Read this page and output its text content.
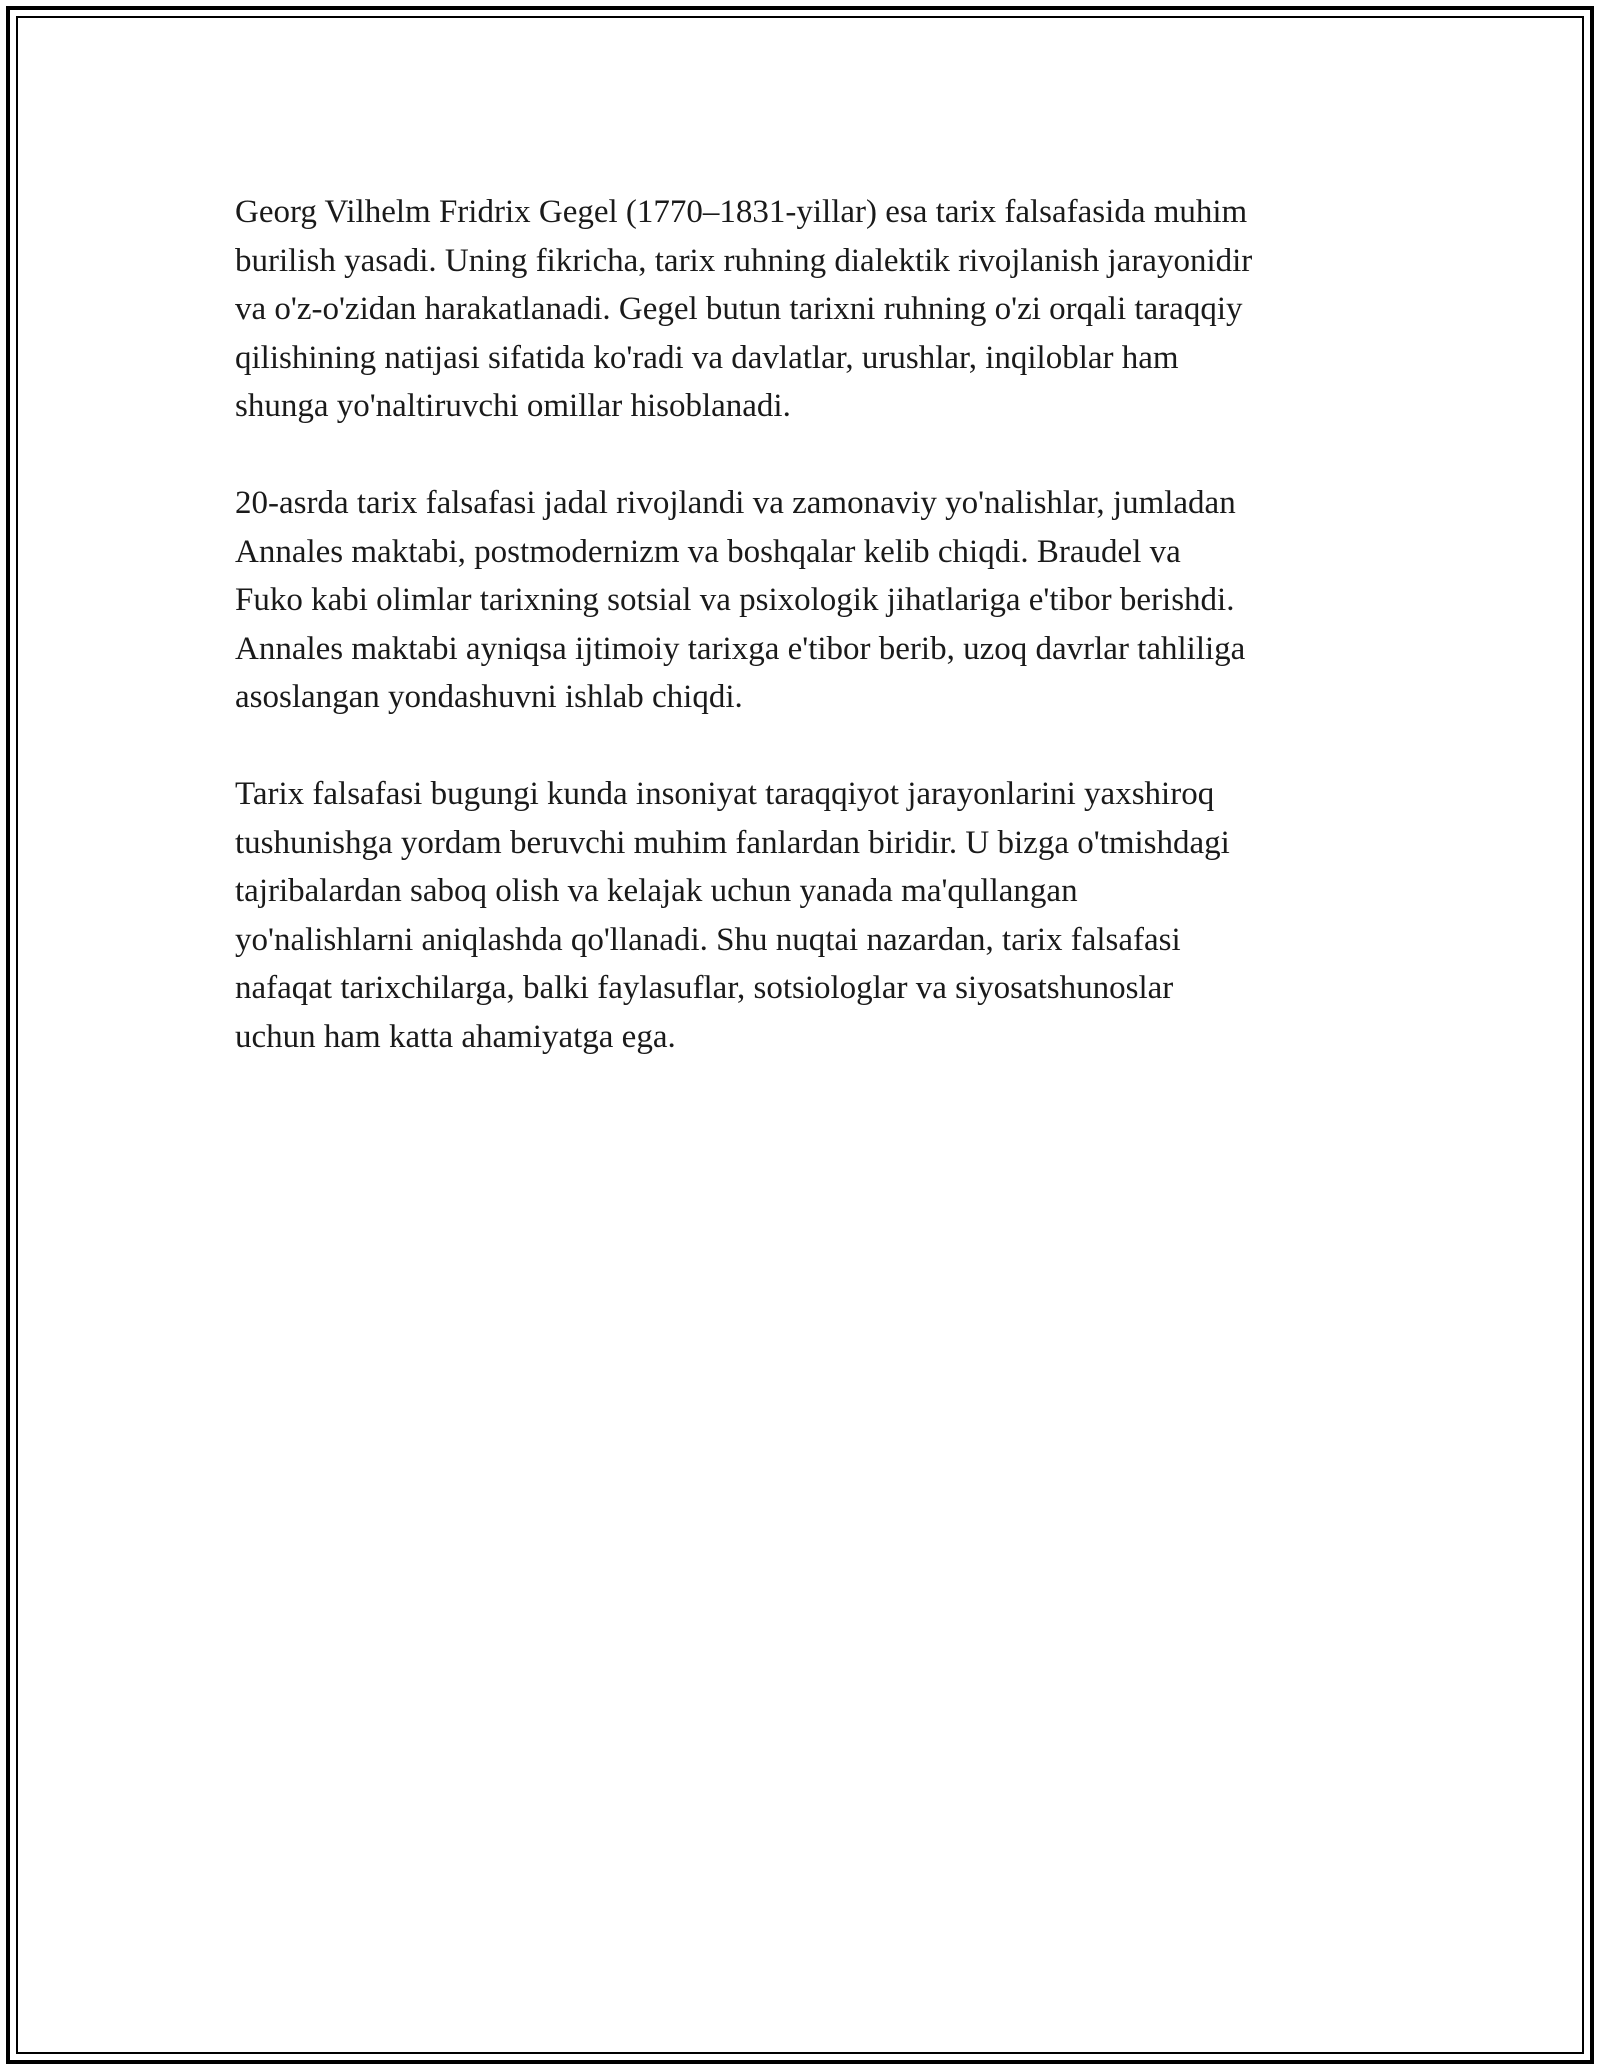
Georg Vilhelm Fridrix Gegel (1770–1831-yillar) esa tarix falsafasida muhim
burilish yasadi. Uning fikricha, tarix ruhning dialektik rivojlanish jarayonidir
va o'z-o'zidan harakatlanadi. Gegel butun tarixni ruhning o'zi orqali taraqqiy
qilishining natijasi sifatida ko'radi va davlatlar, urushlar, inqiloblar ham
shunga yo'naltiruvchi omillar hisoblanadi.

20-asrda tarix falsafasi jadal rivojlandi va zamonaviy yo'nalishlar, jumladan
Annales maktabi, postmodernizm va boshqalar kelib chiqdi. Braudel va
Fuko kabi olimlar tarixning sotsial va psixologik jihatlariga e'tibor berishdi.
Annales maktabi ayniqsa ijtimoiy tarixga e'tibor berib, uzoq davrlar tahliliga
asoslangan yondashuvni ishlab chiqdi.

Tarix falsafasi bugungi kunda insoniyat taraqqiyot jarayonlarini yaxshiroq
tushunishga yordam beruvchi muhim fanlardan biridir. U bizga o'tmishdagi
tajribalardan saboq olish va kelajak uchun yanada ma'qullangan
yo'nalishlarni aniqlashda qo'llanadi. Shu nuqtai nazardan, tarix falsafasi
nafaqat tarixchilarga, balki faylasuflar, sotsiologlar va siyosatshunoslar
uchun ham katta ahamiyatga ega.
